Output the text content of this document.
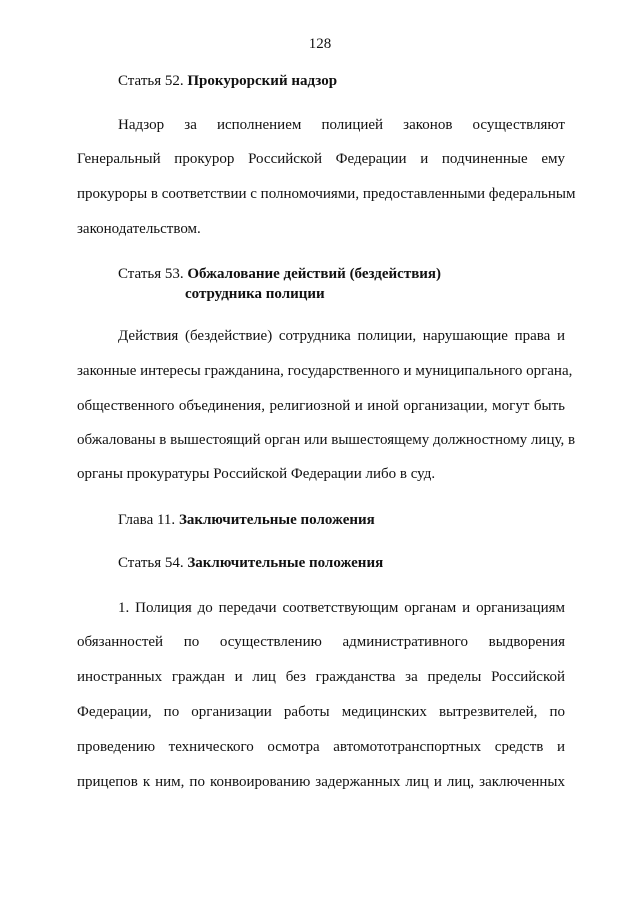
128
Статья 52. Прокурорский надзор
Надзор за исполнением полицией законов осуществляют
Генеральный прокурор Российской Федерации и подчиненные ему
прокуроры в соответствии с полномочиями, предоставленными федеральным
законодательством.
Статья 53. Обжалование действий (бездействия)
сотрудника полиции
Действия (бездействие) сотрудника полиции, нарушающие права и
законные интересы гражданина, государственного и муниципального органа,
общественного объединения, религиозной и иной организации, могут быть
обжалованы в вышестоящий орган или вышестоящему должностному лицу, в
органы прокуратуры Российской Федерации либо в суд.
Глава 11. Заключительные положения
Статья 54. Заключительные положения
1. Полиция до передачи соответствующим органам и организациям
обязанностей по осуществлению административного выдворения
иностранных граждан и лиц без гражданства за пределы Российской
Федерации, по организации работы медицинских вытрезвителей, по
проведению технического осмотра автомототранспортных средств и
прицепов к ним, по конвоированию задержанных лиц и лиц, заключенных
